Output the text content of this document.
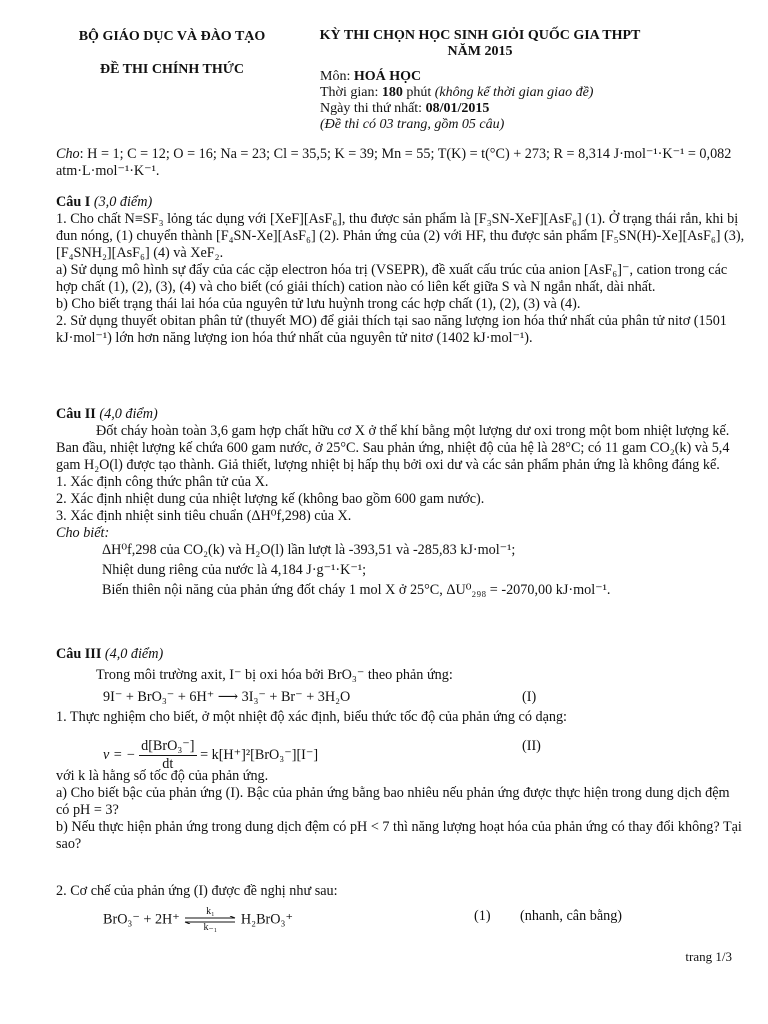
BỘ GIÁO DỤC VÀ ĐÀO TẠO
ĐỀ THI CHÍNH THỨC
KỲ THI CHỌN HỌC SINH GIỎI QUỐC GIA THPT
NĂM 2015
Môn: HOÁ HỌC
Thời gian: 180 phút (không kể thời gian giao đề)
Ngày thi thứ nhất: 08/01/2015
(Đề thi có 03 trang, gồm 05 câu)

Cho: H = 1; C = 12; O = 16; Na = 23; Cl = 35,5; K = 39; Mn = 55; T(K) = t(°C) + 273; R = 8,314 J·mol⁻¹·K⁻¹ = 0,082 atm·L·mol⁻¹·K⁻¹.

Câu I (3,0 điểm)

1. Cho chất N≡SF₃ lỏng tác dụng với [XeF][AsF₆], thu được sản phẩm là [F₃SN-XeF][AsF₆] (1). Ở trạng thái rắn, khi bị đun nóng, (1) chuyển thành [F₄SN-Xe][AsF₆] (2). Phản ứng của (2) với HF, thu được sản phẩm [F₅SN(H)-Xe][AsF₆] (3), [F₄SNH₂][AsF₆] (4) và XeF₂.

a) Sử dụng mô hình sự đẩy của các cặp electron hóa trị (VSEPR), đề xuất cấu trúc của anion [AsF₆]⁻, cation trong các hợp chất (1), (2), (3), (4) và cho biết (có giải thích) cation nào có liên kết giữa S và N ngắn nhất, dài nhất.

b) Cho biết trạng thái lai hóa của nguyên tử lưu huỳnh trong các hợp chất (1), (2), (3) và (4).

2. Sử dụng thuyết obitan phân tử (thuyết MO) để giải thích tại sao năng lượng ion hóa thứ nhất của phân tử nitơ (1501 kJ·mol⁻¹) lớn hơn năng lượng ion hóa thứ nhất của nguyên tử nitơ (1402 kJ·mol⁻¹).

Câu II (4,0 điểm)

Đốt cháy hoàn toàn 3,6 gam hợp chất hữu cơ X ở thể khí bằng một lượng dư oxi trong một bom nhiệt lượng kế. Ban đầu, nhiệt lượng kế chứa 600 gam nước, ở 25°C. Sau phản ứng, nhiệt độ của hệ là 28°C; có 11 gam CO₂(k) và 5,4 gam H₂O(l) được tạo thành. Giả thiết, lượng nhiệt bị hấp thụ bởi oxi dư và các sản phẩm phản ứng là không đáng kể.

1. Xác định công thức phân tử của X.

2. Xác định nhiệt dung của nhiệt lượng kế (không bao gồm 600 gam nước).

3. Xác định nhiệt sinh tiêu chuẩn (ΔH⁰f,298) của X.

Cho biết:

ΔH⁰f,298 của CO₂(k) và H₂O(l) lần lượt là -393,51 và -285,83 kJ·mol⁻¹;

Nhiệt dung riêng của nước là 4,184 J·g⁻¹·K⁻¹;

Biến thiên nội năng của phản ứng đốt cháy 1 mol X ở 25°C, ΔU⁰₂₉₈ = -2070,00 kJ·mol⁻¹.

Câu III (4,0 điểm)

Trong môi trường axit, I⁻ bị oxi hóa bởi BrO₃⁻ theo phản ứng:

9I⁻ + BrO₃⁻ + 6H⁺ ⟶ 3I₃⁻ + Br⁻ + 3H₂O	(I)

1. Thực nghiệm cho biết, ở một nhiệt độ xác định, biểu thức tốc độ của phản ứng có dạng:

v = − $\frac{\text{d[BrO₃⁻]}}{dt} = k[H^+]^2[BrO_3^-][I^-]$
(II)

với k là hằng số tốc độ của phản ứng.

a) Cho biết bậc của phản ứng (I). Bậc của phản ứng bằng bao nhiêu nếu phản ứng được thực hiện trong dung dịch đệm có pH = 3?

b) Nếu thực hiện phản ứng trong dung dịch đệm có pH < 7 thì năng lượng hoạt hóa của phản ứng có thay đổi không? Tại sao?

2. Cơ chế của phản ứng (I) được đề nghị như sau:

BrO₃⁻ + 2H⁺	k₁
k₋₁
H₂BrO₃⁺	(1) (nhanh, cân bằng)
trang 1/3
